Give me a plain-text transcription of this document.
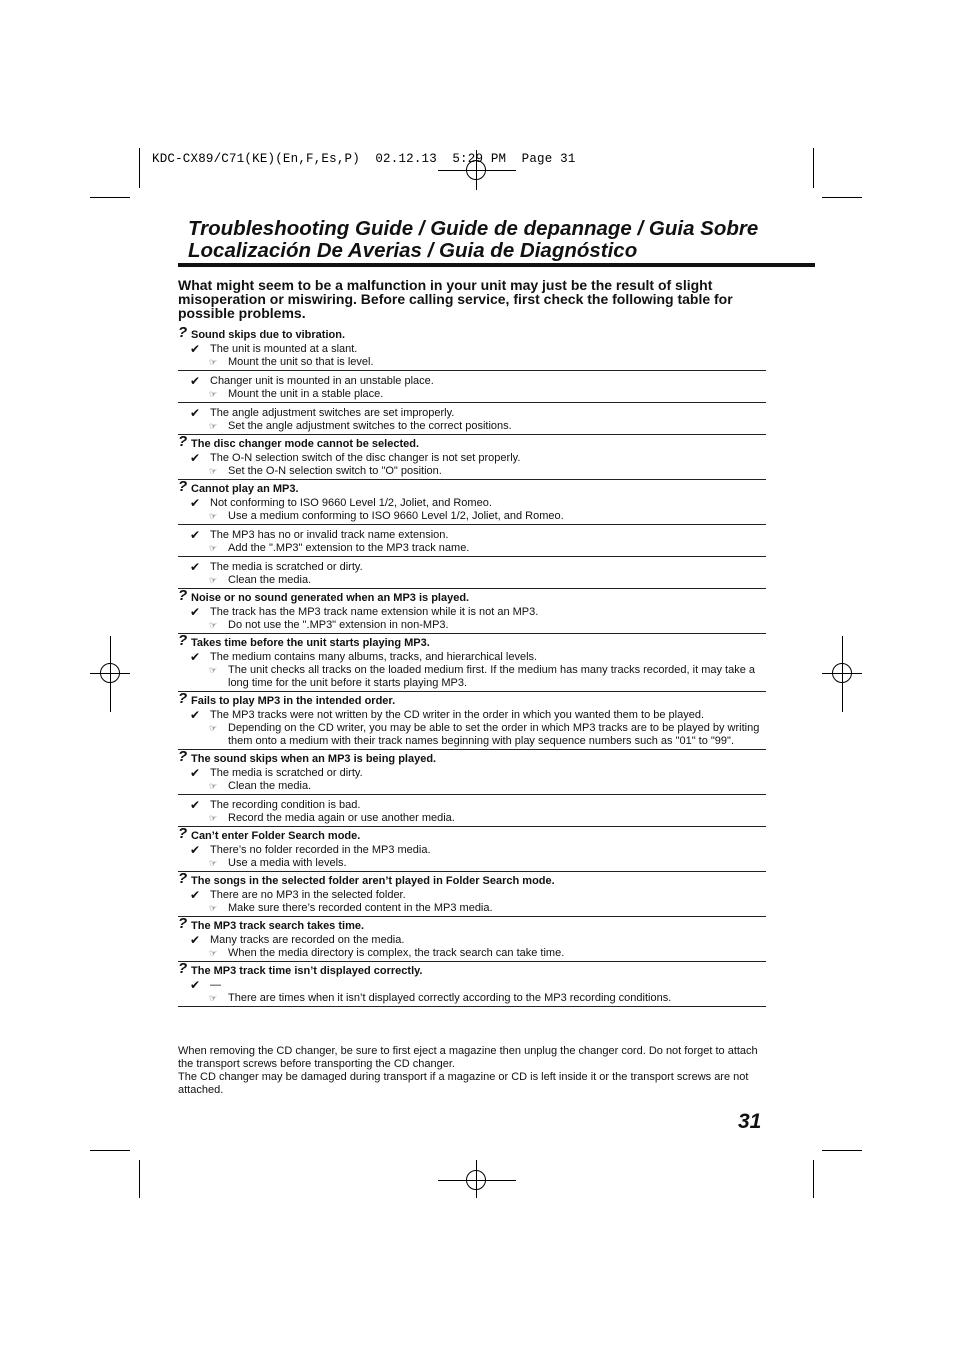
KDC-CX89/C71(KE)(En,F,Es,P)  02.12.13  5:29 PM  Page 31
Troubleshooting Guide / Guide de depannage / Guia Sobre Localización De Averias / Guia de Diagnóstico
What might seem to be a malfunction in your unit may just be the result of slight misoperation or miswiring. Before calling service, first check the following table for possible problems.
? Sound skips due to vibration.
✔ The unit is mounted at a slant.
☞ Mount the unit so that is level.
✔ Changer unit is mounted in an unstable place.
☞ Mount the unit in a stable place.
✔ The angle adjustment switches are set improperly.
☞ Set the angle adjustment switches to the correct positions.
? The disc changer mode cannot be selected.
✔ The O-N selection switch of the disc changer is not set properly.
☞ Set the O-N selection switch to "O" position.
? Cannot play an MP3.
✔ Not conforming to ISO 9660 Level 1/2, Joliet, and Romeo.
☞ Use a medium conforming to ISO 9660 Level 1/2, Joliet, and Romeo.
✔ The MP3 has no or invalid track name extension.
☞ Add the ".MP3" extension to the MP3 track name.
✔ The media is scratched or dirty.
☞ Clean the media.
? Noise or no sound generated when an MP3 is played.
✔ The track has the MP3 track name extension while it is not an MP3.
☞ Do not use the ".MP3" extension in non-MP3.
? Takes time before the unit starts playing MP3.
✔ The medium contains many albums, tracks, and hierarchical levels.
☞ The unit checks all tracks on the loaded medium first. If the medium has many tracks recorded, it may take a long time for the unit before it starts playing MP3.
? Fails to play MP3 in the intended order.
✔ The MP3 tracks were not written by the CD writer in the order in which you wanted them to be played.
☞ Depending on the CD writer, you may be able to set the order in which MP3 tracks are to be played by writing them onto a medium with their track names beginning with play sequence numbers such as "01" to "99".
? The sound skips when an MP3 is being played.
✔ The media is scratched or dirty.
☞ Clean the media.
✔ The recording condition is bad.
☞ Record the media again or use another media.
? Can’t enter Folder Search mode.
✔ There’s no folder recorded in the MP3 media.
☞ Use a media with levels.
? The songs in the selected folder aren’t played in Folder Search mode.
✔ There are no MP3 in the selected folder.
☞ Make sure there’s recorded content in the MP3 media.
? The MP3 track search takes time.
✔ Many tracks are recorded on the media.
☞ When the media directory is complex, the track search can take time.
? The MP3 track time isn’t displayed correctly.
✔ —
☞ There are times when it isn’t displayed correctly according to the MP3 recording conditions.
When removing the CD changer, be sure to first eject a magazine then unplug the changer cord. Do not forget to attach the transport screws before transporting the CD changer.
The CD changer may be damaged during transport if a magazine or CD is left inside it or the transport screws are not attached.
31
